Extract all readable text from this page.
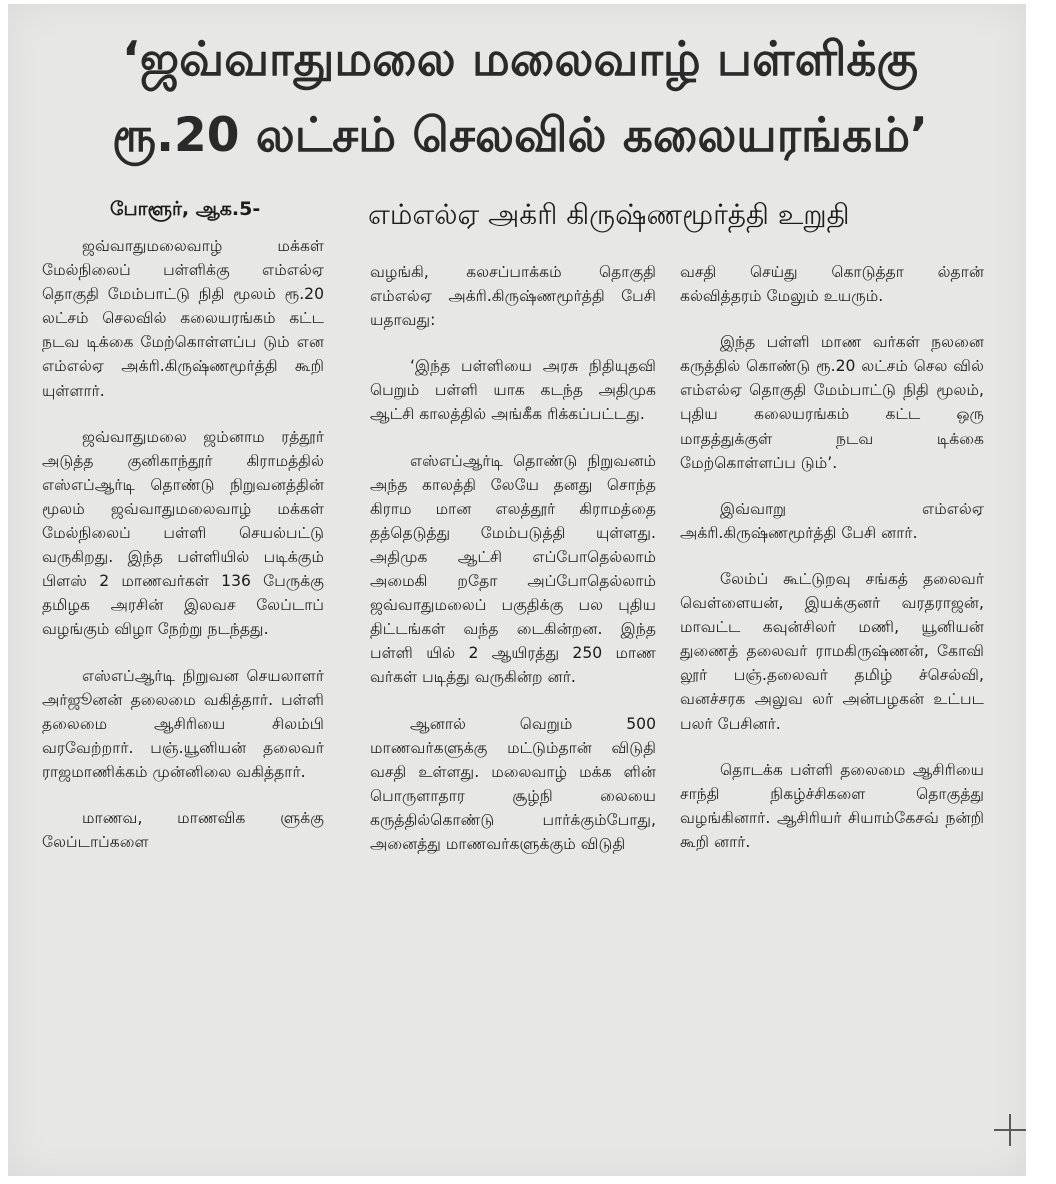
‘ஜவ்வாதுமலை மலைவாழ் பள்ளிக்கு
ரூ.20 லட்சம் செலவில் கலையரங்கம்’
போளூர், ஆக.5-	எம்எல்ஏ அக்ரி கிருஷ்ணமூர்த்தி உறுதி

ஜவ்வாதுமலைவாழ் மக்கள் மேல்நிலைப் பள்ளிக்கு எம்எல்ஏ தொகுதி மேம்பாட்டு நிதி மூலம் ரூ.20 லட்சம் செலவில் கலையரங்கம் கட்ட நடவ டிக்கை மேற்கொள்ளப்ப டும் என எம்எல்ஏ அக்ரி.கிருஷ்ணமூர்த்தி கூறி யுள்ளார்.

ஜவ்வாதுமலை ஜம்னாம ரத்தூர் அடுத்த குனிகாந்தூர் கிராமத்தில் எஸ்எப்ஆர்டி தொண்டு நிறுவனத்தின் மூலம் ஜவ்வாதுமலைவாழ் மக்கள் மேல்நிலைப் பள்ளி செயல்பட்டு வருகிறது. இந்த பள்ளியில் படிக்கும் பிளஸ் 2 மாணவர்கள் 136 பேருக்கு தமிழக அரசின் இலவச லேப்டாப் வழங்கும் விழா நேற்று நடந்தது.

எஸ்எப்ஆர்டி நிறுவன செயலாளர் அர்ஜூனன் தலைமை வகித்தார். பள்ளி தலைமை ஆசிரியை சிலம்பி வரவேற்றார். பஞ்.யூனியன் தலைவர் ராஜமாணிக்கம் முன்னிலை வகித்தார்.

மாணவ, மாணவிக ளுக்கு லேப்டாப்களை

வழங்கி, கலசப்பாக்கம் தொகுதி எம்எல்ஏ அக்ரி.கிருஷ்ணமூர்த்தி பேசி யதாவது:

‘இந்த பள்ளியை அரசு நிதியுதவி பெறும் பள்ளி யாக கடந்த அதிமுக ஆட்சி காலத்தில் அங்கீக ரிக்கப்பட்டது.

எஸ்எப்ஆர்டி தொண்டு நிறுவனம் அந்த காலத்தி லேயே தனது சொந்த கிராம மான எலத்தூர் கிராமத்தை தத்தெடுத்து மேம்படுத்தி யுள்ளது. அதிமுக ஆட்சி எப்போதெல்லாம் அமைகி றதோ அப்போதெல்லாம் ஜவ்வாதுமலைப் பகுதிக்கு பல புதிய திட்டங்கள் வந்த டைகின்றன. இந்த பள்ளி யில் 2 ஆயிரத்து 250 மாண வர்கள் படித்து வருகின்ற னர்.

ஆனால் வெறும் 500 மாணவர்களுக்கு மட்டும்தான் விடுதி வசதி உள்ளது. மலைவாழ் மக்க ளின் பொருளாதார சூழ்நி லையை கருத்தில்கொண்டு பார்க்கும்போது, அனைத்து மாணவர்களுக்கும் விடுதி

வசதி செய்து கொடுத்தா ல்தான் கல்வித்தரம் மேலும் உயரும்.

இந்த பள்ளி மாண வர்கள் நலனை கருத்தில் கொண்டு ரூ.20 லட்சம் செல வில் எம்எல்ஏ தொகுதி மேம்பாட்டு நிதி மூலம், புதிய கலையரங்கம் கட்ட ஒரு மாதத்துக்குள் நடவ டிக்கை மேற்கொள்ளப்ப டும்’.

இவ்வாறு எம்எல்ஏ அக்ரி.கிருஷ்ணமூர்த்தி பேசி னார்.

லேம்ப் கூட்டுறவு சங்கத் தலைவர் வெள்ளையன், இயக்குனர் வரதராஜன், மாவட்ட கவுன்சிலர் மணி, யூனியன் துணைத் தலைவர் ராமகிருஷ்ணன், கோவி லூர் பஞ்.தலைவர் தமிழ் ச்செல்வி, வனச்சரக அலுவ லர் அன்பழகன் உட்பட பலர் பேசினர்.

தொடக்க பள்ளி தலைமை ஆசிரியை சாந்தி நிகழ்ச்சிகளை தொகுத்து வழங்கினார். ஆசிரியர் சியாம்கேசவ் நன்றி கூறி னார்.
